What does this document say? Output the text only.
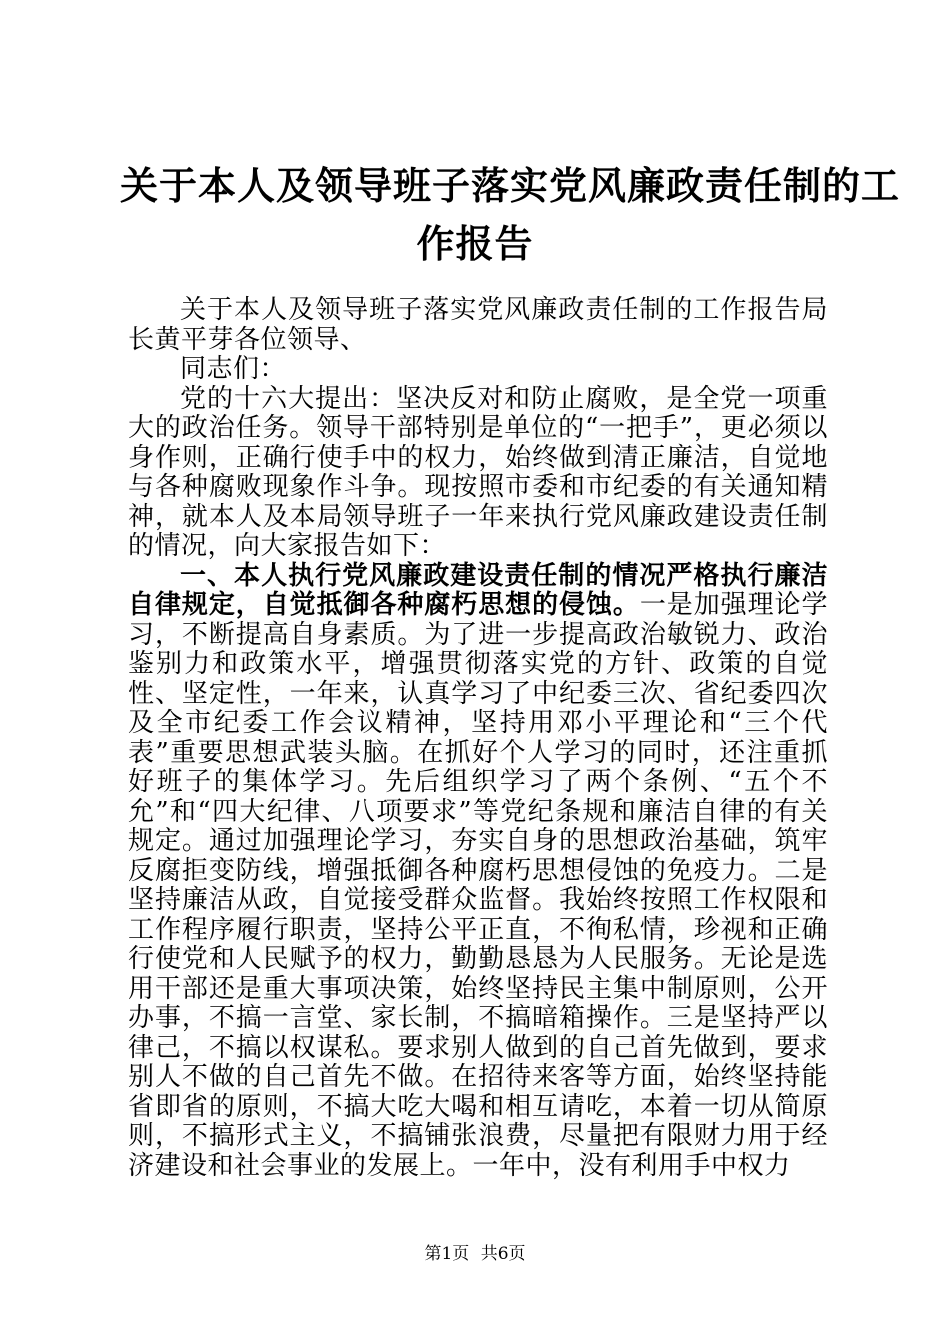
关于本人及领导班子落实党风廉政责任制的工
作报告

关于本人及领导班子落实党风廉政责任制的工作报告局长黄平芽各位领导、

同志们：

党的十六大提出：坚决反对和防止腐败，是全党一项重大的政治任务。领导干部特别是单位的“一把手”，更必须以身作则，正确行使手中的权力，始终做到清正廉洁，自觉地与各种腐败现象作斗争。现按照市委和市纪委的有关通知精神，就本人及本局领导班子一年来执行党风廉政建设责任制的情况，向大家报告如下：

一、本人执行党风廉政建设责任制的情况严格执行廉洁自律规定，自觉抵御各种腐朽思想的侵蚀。一是加强理论学习，不断提高自身素质。为了进一步提高政治敏锐力、政治鉴别力和政策水平，增强贯彻落实党的方针、政策的自觉性、坚定性，一年来，认真学习了中纪委三次、省纪委四次及全市纪委工作会议精神，坚持用邓小平理论和“三个代表”重要思想武装头脑。在抓好个人学习的同时，还注重抓好班子的集体学习。先后组织学习了两个条例、“五个不允”和“四大纪律、八项要求”等党纪条规和廉洁自律的有关规定。通过加强理论学习，夯实自身的思想政治基础，筑牢反腐拒变防线，增强抵御各种腐朽思想侵蚀的免疫力。二是坚持廉洁从政，自觉接受群众监督。我始终按照工作权限和工作程序履行职责，坚持公平正直，不徇私情，珍视和正确行使党和人民赋予的权力，勤勤恳恳为人民服务。无论是选用干部还是重大事项决策，始终坚持民主集中制原则，公开办事，不搞一言堂、家长制，不搞暗箱操作。三是坚持严以律己，不搞以权谋私。要求别人做到的自己首先做到，要求别人不做的自己首先不做。在招待来客等方面，始终坚持能省即省的原则，不搞大吃大喝和相互请吃，本着一切从简原则，不搞形式主义，不搞铺张浪费，尽量把有限财力用于经济建设和社会事业的发展上。一年中，没有利用手中权力

第1页 共6页
